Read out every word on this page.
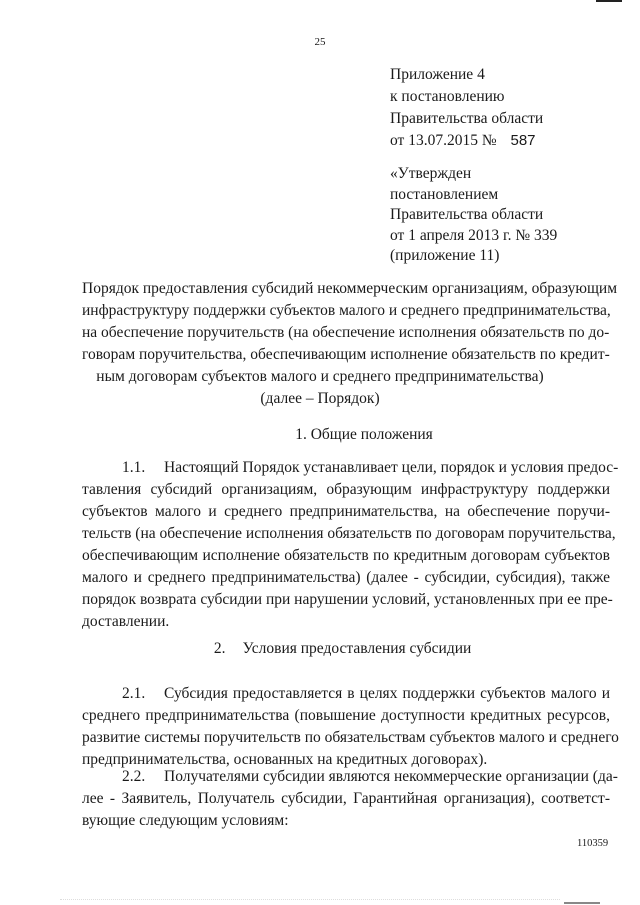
25
Приложение 4
к постановлению
Правительства области
от 13.07.2015 № 587
«Утвержден
постановлением
Правительства области
от 1 апреля 2013 г. № 339
(приложение 11)
Порядок предоставления субсидий некоммерческим организациям, образующим
инфраструктуру поддержки субъектов малого и среднего предпринимательства,
на обеспечение поручительств (на обеспечение исполнения обязательств по до-
говорам поручительства, обеспечивающим исполнение обязательств по кредит-
ным договорам субъектов малого и среднего предпринимательства)
(далее – Порядок)
1. Общие положения
1.1. Настоящий Порядок устанавливает цели, порядок и условия предос-
тавления субсидий организациям, образующим инфраструктуру поддержки
субъектов малого и среднего предпринимательства, на обеспечение поручи-
тельств (на обеспечение исполнения обязательств по договорам поручительства,
обеспечивающим исполнение обязательств по кредитным договорам субъектов
малого и среднего предпринимательства) (далее - субсидии, субсидия), также
порядок возврата субсидии при нарушении условий, установленных при ее пре-
доставлении.
2. Условия предоставления субсидии
2.1. Субсидия предоставляется в целях поддержки субъектов малого и
среднего предпринимательства (повышение доступности кредитных ресурсов,
развитие системы поручительств по обязательствам субъектов малого и среднего
предпринимательства, основанных на кредитных договорах).
2.2. Получателями субсидии являются некоммерческие организации (да-
лее - Заявитель, Получатель субсидии, Гарантийная организация), соответст-
вующие следующим условиям:
110359
